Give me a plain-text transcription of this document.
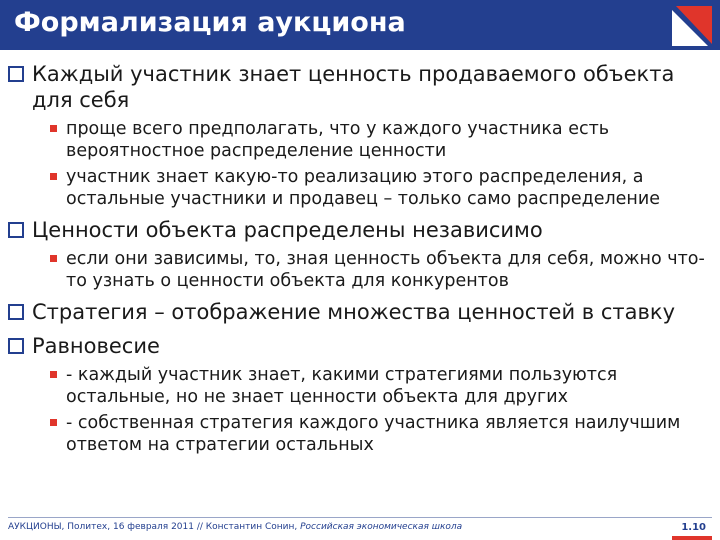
Формализация аукциона
Каждый участник знает ценность продаваемого объекта для себя
проще всего предполагать, что у каждого участника есть вероятностное распределение ценности
участник знает какую-то реализацию этого распределения, а остальные участники и продавец – только само распределение
Ценности объекта распределены независимо
если они зависимы, то, зная ценность объекта для себя, можно что-то узнать о ценности объекта для конкурентов
Стратегия – отображение множества ценностей в ставку
Равновесие
- каждый участник знает, какими стратегиями пользуются остальные, но не знает ценности объекта для других
- собственная стратегия каждого участника является наилучшим ответом на стратегии остальных
АУКЦИОНЫ, Политех, 16 февраля 2011 // Константин Сонин, Российская экономическая школа	1.10
